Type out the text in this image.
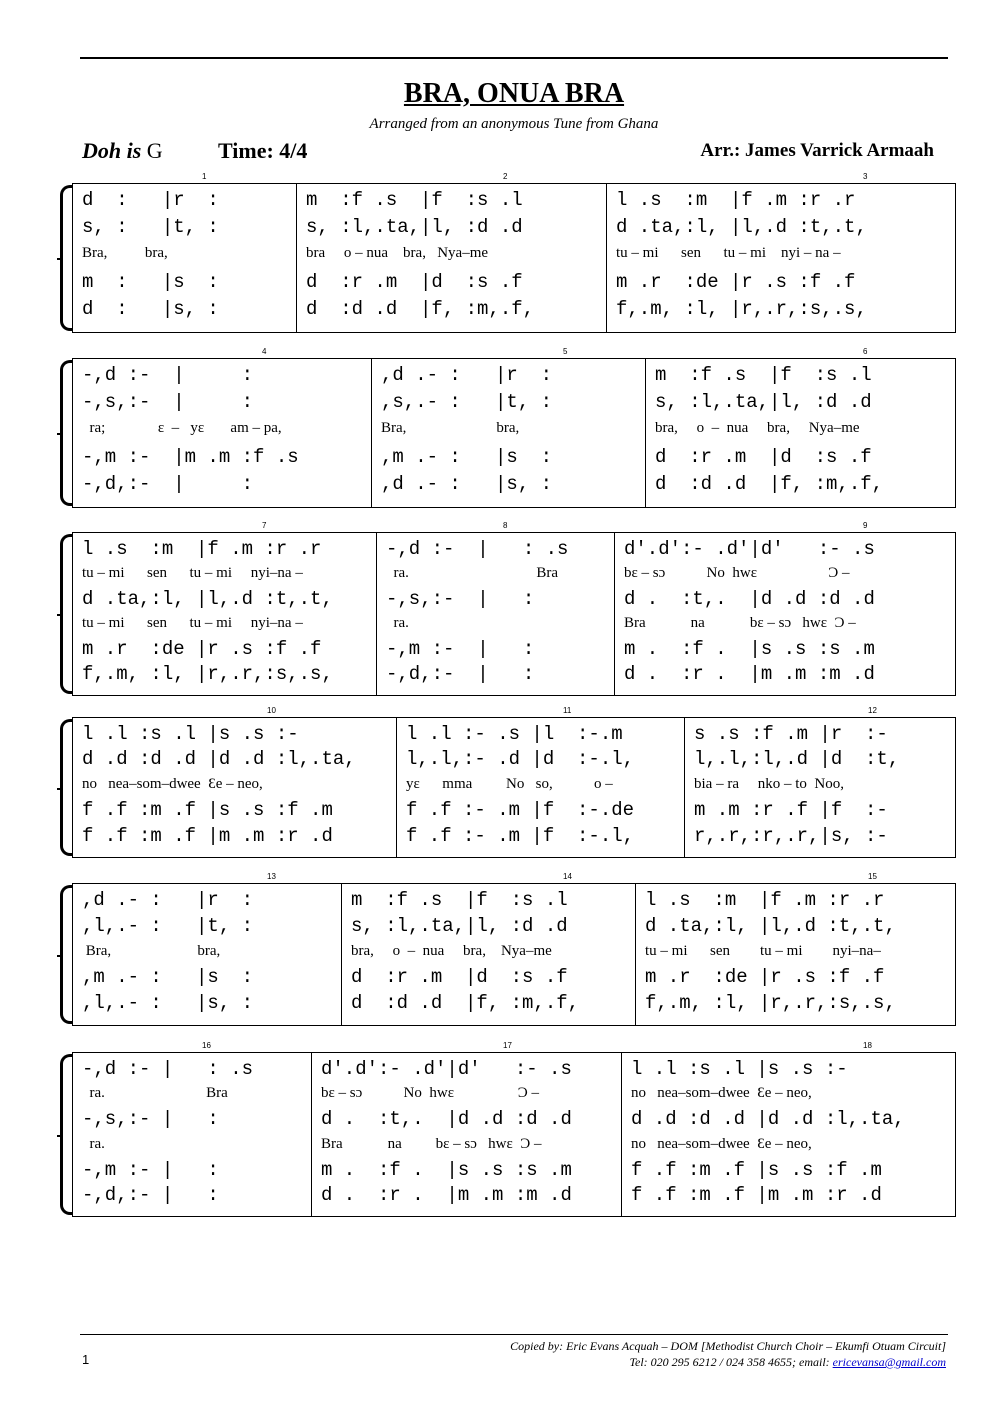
BRA, ONUA BRA
Arranged from an anonymous Tune from Ghana
Doh is G	Time: 4/4	Arr.: James Varrick Armaah
1
d  :   |r  :
s, :   |t, :
Bra,          bra,
m  :   |s  :
d  :   |s, :
2
m  :f .s  |f  :s .l
s, :l,.ta,|l, :d .d
bra     o – nua    bra,   Nya–me
d  :r .m  |d  :s .f
d  :d .d  |f, :m,.f,
3
l .s  :m  |f .m :r .r
d .ta,:l, |l,.d :t,.t,
tu – mi      sen      tu – mi    nyi – na –
m .r  :de |r .s :f .f
f,.m, :l, |r,.r,:s,.s,
4
-,d :-  |     :
-,s,:-  |     :
ra;              ɛ  –   yɛ       am – pa,
-,m :-  |m .m :f .s
-,d,:-  |     :
5
,d .- :   |r  :
,s,.- :   |t, :
Bra,                        bra,
,m .- :   |s  :
,d .- :   |s, :
6
m  :f .s  |f  :s .l
s, :l,.ta,|l, :d .d
bra,     o  –  nua     bra,     Nya–me
d  :r .m  |d  :s .f
d  :d .d  |f, :m,.f,
7
l .s  :m  |f .m :r .r
tu – mi      sen      tu – mi     nyi–na –
d .ta,:l, |l,.d :t,.t,
tu – mi      sen      tu – mi     nyi–na –
m .r  :de |r .s :f .f
f,.m, :l, |r,.r,:s,.s,
8
-,d :-  |   : .s
ra.                                  Bra
-,s,:-  |   :
ra.
-,m :-  |   :
-,d,:-  |   :
9
d′.d′:- .d′|d′   :- .s
bɛ – sɔ           No  hwɛ                   Ɔ –
d .  :t,.  |d .d :d .d
Bra            na            bɛ – sɔ   hwɛ  Ɔ –
m .  :f .  |s .s :s .m
d .  :r .  |m .m :m .d
10
l .l :s .l |s .s :-
d .d :d .d |d .d :l,.ta,
no   nea–som–dwee  Ɛe – neo,
f .f :m .f |s .s :f .m
f .f :m .f |m .m :r .d
11
l .l :- .s |l  :-.m
l,.l,:- .d |d  :-.l,
yɛ      mma         No   so,           o –
f .f :- .m |f  :-.de
f .f :- .m |f  :-.l,
12
s .s :f .m |r  :-
l,.l,:l,.d |d  :t,
bia – ra     nko – to  Noo,
m .m :r .f |f  :-
r,.r,:r,.r,|s, :-
13
,d .- :   |r  :
,l,.- :   |t, :
Bra,                       bra,
,m .- :   |s  :
,l,.- :   |s, :
14
m  :f .s  |f  :s .l
s, :l,.ta,|l, :d .d
bra,     o  –  nua     bra,    Nya–me
d  :r .m  |d  :s .f
d  :d .d  |f, :m,.f,
15
l .s  :m  |f .m :r .r
d .ta,:l, |l,.d :t,.t,
tu – mi      sen        tu – mi        nyi–na–
m .r  :de |r .s :f .f
f,.m, :l, |r,.r,:s,.s,
16
-,d :- |   : .s
ra.                           Bra
-,s,:- |   :
ra.
-,m :- |   :
-,d,:- |   :
17
d′.d′:- .d′|d′   :- .s
bɛ – sɔ           No  hwɛ                 Ɔ –
d .  :t,.  |d .d :d .d
Bra            na         bɛ – sɔ   hwɛ  Ɔ –
m .  :f .  |s .s :s .m
d .  :r .  |m .m :m .d
18
l .l :s .l |s .s :-
no   nea–som–dwee  Ɛe – neo,
d .d :d .d |d .d :l,.ta,
no   nea–som–dwee  Ɛe – neo,
f .f :m .f |s .s :f .m
f .f :m .f |m .m :r .d
1
Copied by: Eric Evans Acquah – DOM [Methodist Church Choir – Ekumfi Otuam Circuit]
Tel: 020 295 6212 / 024 358 4655; email: ericevansa@gmail.com
